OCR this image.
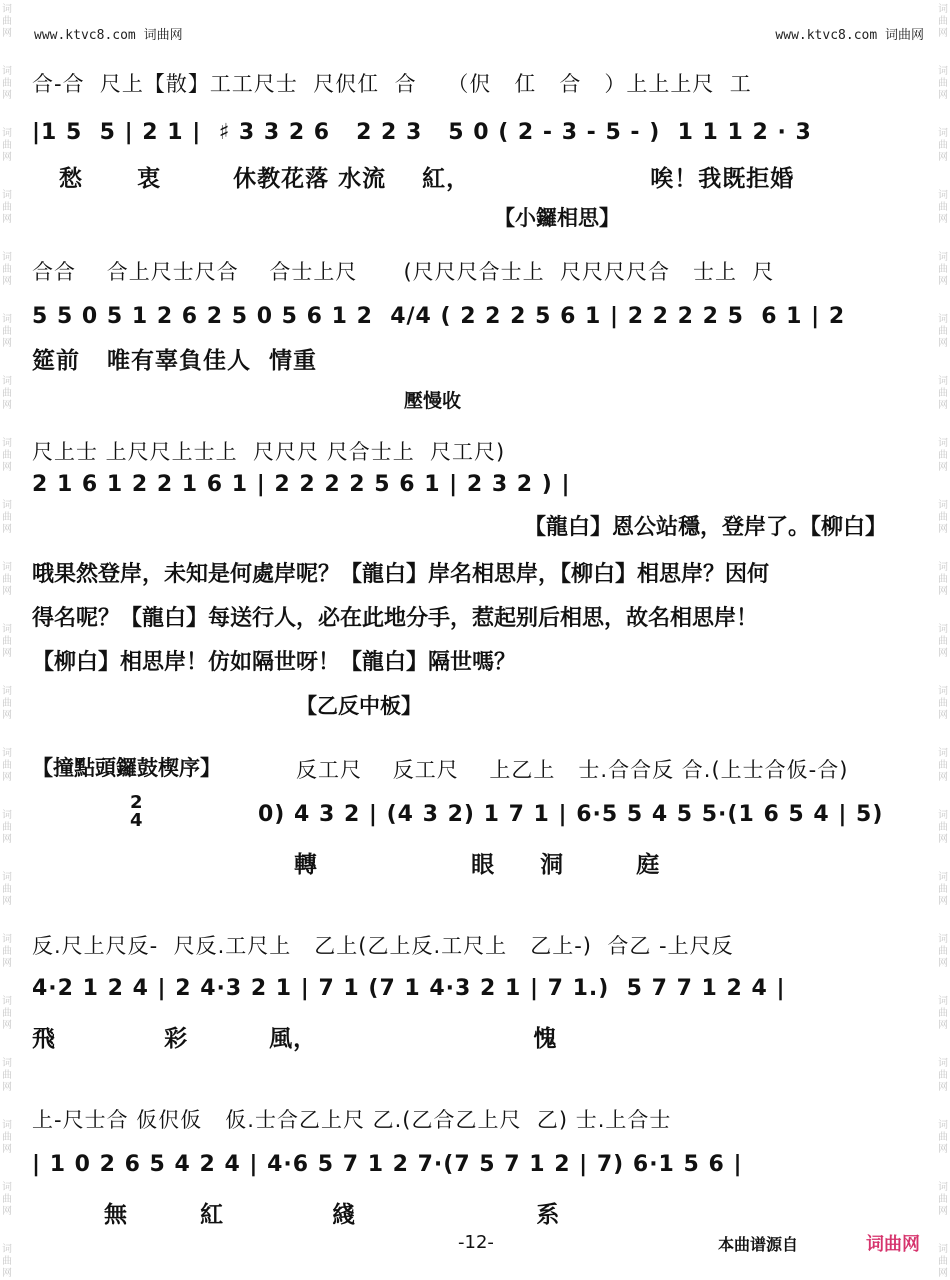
词曲网
词曲网
词曲网
词曲网
词曲网
词曲网
词曲网
词曲网
词曲网
词曲网
词曲网
词曲网
词曲网
词曲网
词曲网
词曲网
词曲网
词曲网
词曲网
词曲网
词曲网
词曲网
词曲网
词曲网
词曲网
词曲网
词曲网
词曲网
词曲网
词曲网
词曲网
词曲网
词曲网
词曲网
词曲网
词曲网
词曲网
词曲网
词曲网
词曲网
词曲网
词曲网
www.ktvc8.com 词曲网	www.ktvc8.com 词曲网
合-合  尺上【散】工工尺士  尺伬仜  合    （伬   仜   合   ）上上上尺  工
|1 5  5 | 2 1 |  ♯ 3 3 2 6   2 2 3   5 0 ( 2 - 3 - 5 - )  1 1 1 2 · 3
愁      衷        休教花落 水流    紅，                    唉！我既拒婚
【小鑼相思】
合合    合上尺士尺合    合士上尺      (尺尺尺合士上  尺尺尺尺合   士上  尺
5 5 0 5 1 2 6 2 5 0 5 6 1 2  4/4 ( 2 2 2 5 6 1 | 2 2 2 2 5  6 1 | 2
筵前   唯有辜負佳人  情重
壓慢收
尺上士 上尺尺上士上  尺尺尺 尺合士上  尺工尺)
2 1 6 1 2 2 1 6 1 | 2 2 2 2 5 6 1 | 2 3 2 ) |
【龍白】恩公站穩，登岸了。【柳白】
哦果然登岸，未知是何處岸呢？【龍白】岸名相思岸，【柳白】相思岸？因何
得名呢？【龍白】每送行人，必在此地分手，惹起别后相思，故名相思岸！
【柳白】相思岸！仿如隔世呀！【龍白】隔世嗎？
【乙反中板】
【撞點頭鑼鼓楔序】
2
4
反工尺    反工尺    上乙上   士.合合反 合.(上士合仮-合)
0) 4 3 2 | (4 3 2) 1 7 1 | 6·5 5 4 5 5·(1 6 5 4 | 5)
轉                 眼     洞        庭
反.尺上尺反-  尺反.工尺上   乙上(乙上反.工尺上   乙上-)  合乙 -上尺反
4·2 1 2 4 | 2 4·3 2 1 | 7 1 (7 1 4·3 2 1 | 7 1.)  5 7 7 1 2 4 |
飛            彩         風，                        愧
上-尺士合 仮伬仮   仮.士合乙上尺 乙.(乙合乙上尺  乙) 士.上合士
| 1 0 2 6 5 4 2 4 | 4·6 5 7 1 2 7·(7 5 7 1 2 | 7) 6·1 5 6 |
無        紅            綫                    系
-12-	本曲谱源自	词曲网
